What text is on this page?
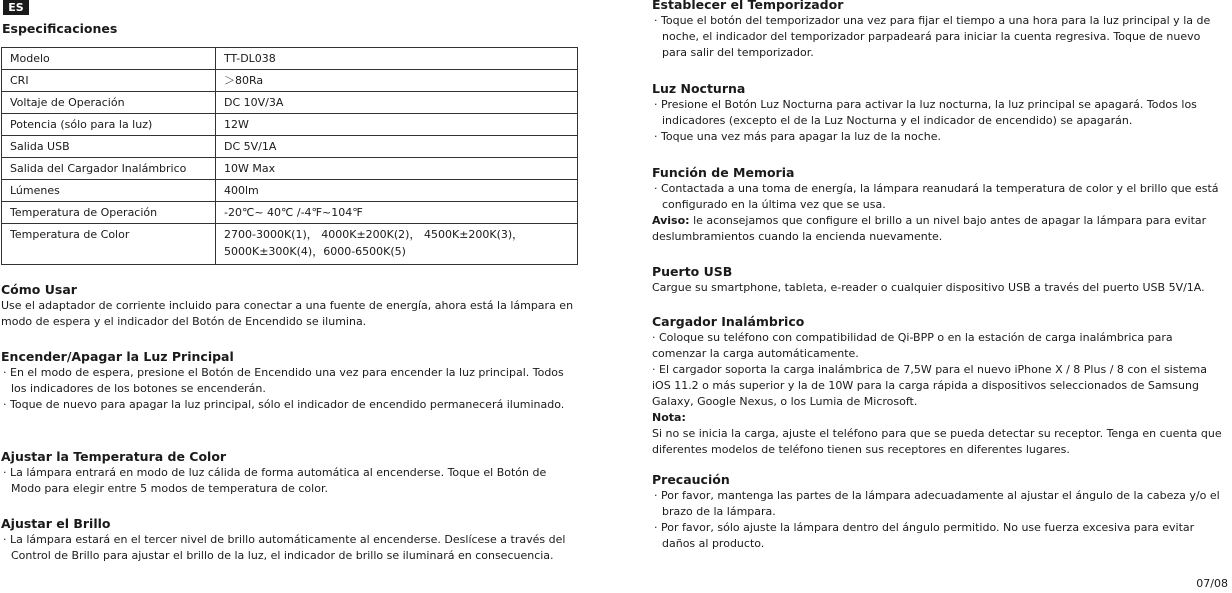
ES
Especificaciones
Modelo	TT-DL038
CRI	＞80Ra
Voltaje de Operación	DC 10V/3A
Potencia (sólo para la luz)	12W
Salida USB	DC 5V/1A
Salida del Cargador Inalámbrico	10W Max
Lúmenes	400lm
Temperatura de Operación	-20℃~ 40℃ /-4℉~104℉
Temperatura de Color	2700-3000K(1)， 4000K±200K(2)， 4500K±200K(3)，
5000K±300K(4)，6000-6500K(5)
Cómo Usar

Use el adaptador de corriente incluido para conectar a una fuente de energía, ahora está la lámpara en modo de espera y el indicador del Botón de Encendido se ilumina.

Encender/Apagar la Luz Principal

· En el modo de espera, presione el Botón de Encendido una vez para encender la luz principal. Todos los indicadores de los botones se encenderán.

· Toque de nuevo para apagar la luz principal, sólo el indicador de encendido permanecerá iluminado.

Ajustar la Temperatura de Color

· La lámpara entrará en modo de luz cálida de forma automática al encenderse. Toque el Botón de Modo para elegir entre 5 modos de temperatura de color.

Ajustar el Brillo

· La lámpara estará en el tercer nivel de brillo automáticamente al encenderse. Deslícese a través del Control de Brillo para ajustar el brillo de la luz, el indicador de brillo se iluminará en consecuencia.

Establecer el Temporizador

· Toque el botón del temporizador una vez para fijar el tiempo a una hora para la luz principal y la de noche, el indicador del temporizador parpadeará para iniciar la cuenta regresiva. Toque de nuevo para salir del temporizador.

Luz Nocturna

· Presione el Botón Luz Nocturna para activar la luz nocturna, la luz principal se apagará. Todos los indicadores (excepto el de la Luz Nocturna y el indicador de encendido) se apagarán.

· Toque una vez más para apagar la luz de la noche.

Función de Memoria

· Contactada a una toma de energía, la lámpara reanudará la temperatura de color y el brillo que está configurado en la última vez que se usa.

Aviso: le aconsejamos que configure el brillo a un nivel bajo antes de apagar la lámpara para evitar deslumbramientos cuando la encienda nuevamente.

Puerto USB

Cargue su smartphone, tableta, e-reader o cualquier dispositivo USB a través del puerto USB 5V/1A.

Cargador Inalámbrico

· Coloque su teléfono con compatibilidad de Qi-BPP o en la estación de carga inalámbrica para comenzar la carga automáticamente.

· El cargador soporta la carga inalámbrica de 7,5W para el nuevo iPhone X / 8 Plus / 8 con el sistema iOS 11.2 o más superior y la de 10W para la carga rápida a dispositivos seleccionados de Samsung Galaxy, Google Nexus, o los Lumia de Microsoft.

Nota:

Si no se inicia la carga, ajuste el teléfono para que se pueda detectar su receptor. Tenga en cuenta que diferentes modelos de teléfono tienen sus receptores en diferentes lugares.

Precaución

· Por favor, mantenga las partes de la lámpara adecuadamente al ajustar el ángulo de la cabeza y/o el brazo de la lámpara.

· Por favor, sólo ajuste la lámpara dentro del ángulo permitido. No use fuerza excesiva para evitar daños al producto.

07/08
